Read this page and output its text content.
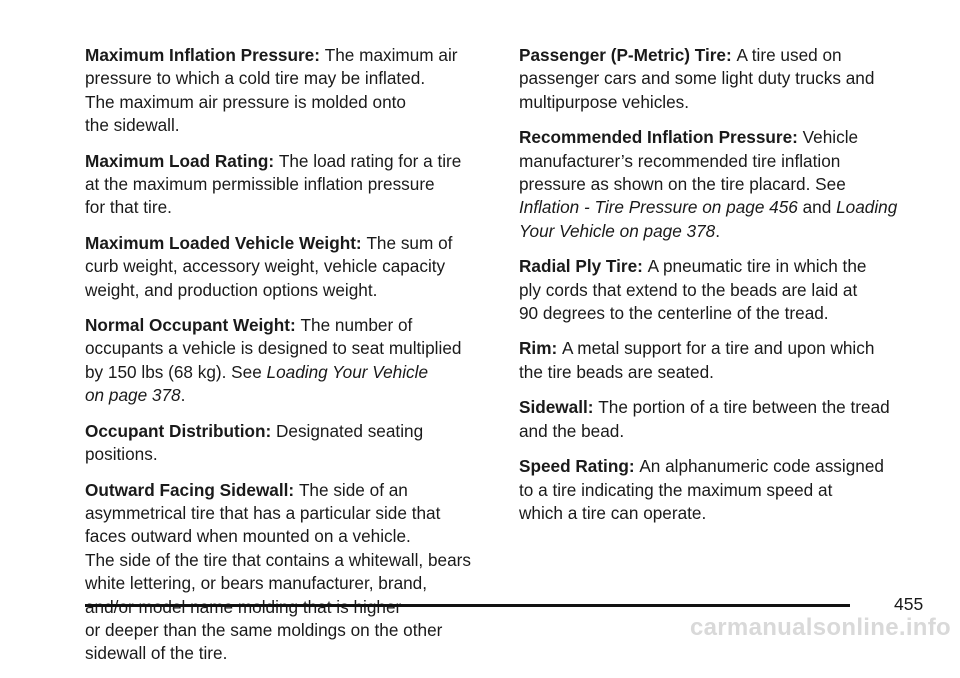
Maximum Inflation Pressure: The maximum air
pressure to which a cold tire may be inflated.
The maximum air pressure is molded onto
the sidewall.

Maximum Load Rating: The load rating for a tire
at the maximum permissible inflation pressure
for that tire.

Maximum Loaded Vehicle Weight: The sum of
curb weight, accessory weight, vehicle capacity
weight, and production options weight.

Normal Occupant Weight: The number of
occupants a vehicle is designed to seat multiplied
by 150 lbs (68 kg). See Loading Your Vehicle
on page 378.

Occupant Distribution: Designated seating
positions.

Outward Facing Sidewall: The side of an
asymmetrical tire that has a particular side that
faces outward when mounted on a vehicle.
The side of the tire that contains a whitewall, bears
white lettering, or bears manufacturer, brand,
or deeper than the same moldings on the other
sidewall of the tire.

Passenger (P-Metric) Tire: A tire used on
passenger cars and some light duty trucks and
multipurpose vehicles.

Recommended Inflation Pressure: Vehicle
manufacturer’s recommended tire inflation
pressure as shown on the tire placard. See
Inflation - Tire Pressure on page 456 and Loading
Your Vehicle on page 378.

Radial Ply Tire: A pneumatic tire in which the
ply cords that extend to the beads are laid at
90 degrees to the centerline of the tread.

Rim: A metal support for a tire and upon which
the tire beads are seated.

Sidewall: The portion of a tire between the tread
and the bead.

Speed Rating: An alphanumeric code assigned
to a tire indicating the maximum speed at
which a tire can operate.

455
carmanualsonline.info
